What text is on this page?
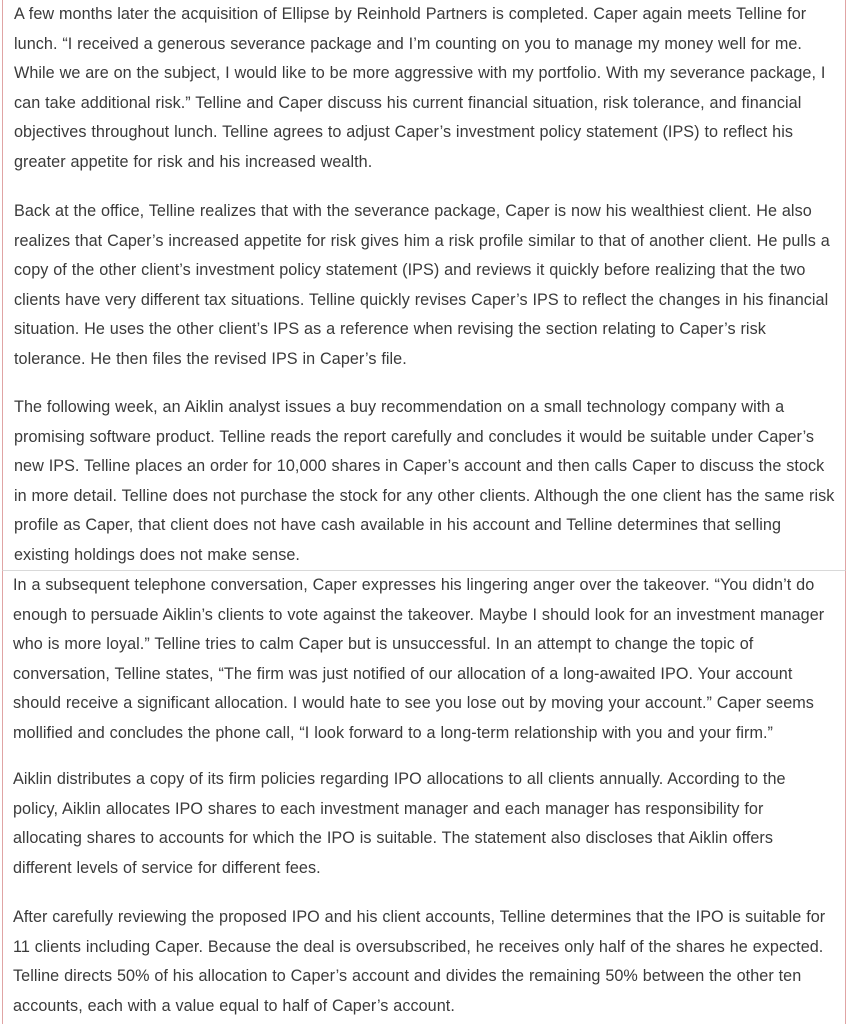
A few months later the acquisition of Ellipse by Reinhold Partners is completed. Caper again meets Telline for lunch. “I received a generous severance package and I’m counting on you to manage my money well for me. While we are on the subject, I would like to be more aggressive with my portfolio. With my severance package, I can take additional risk.” Telline and Caper discuss his current financial situation, risk tolerance, and financial objectives throughout lunch. Telline agrees to adjust Caper’s investment policy statement (IPS) to reflect his greater appetite for risk and his increased wealth.

Back at the office, Telline realizes that with the severance package, Caper is now his wealthiest client. He also realizes that Caper’s increased appetite for risk gives him a risk profile similar to that of another client. He pulls a copy of the other client’s investment policy statement (IPS) and reviews it quickly before realizing that the two clients have very different tax situations. Telline quickly revises Caper’s IPS to reflect the changes in his financial situation. He uses the other client’s IPS as a reference when revising the section relating to Caper’s risk tolerance. He then files the revised IPS in Caper’s file.

The following week, an Aiklin analyst issues a buy recommendation on a small technology company with a promising software product. Telline reads the report carefully and concludes it would be suitable under Caper’s new IPS. Telline places an order for 10,000 shares in Caper’s account and then calls Caper to discuss the stock in more detail. Telline does not purchase the stock for any other clients. Although the one client has the same risk profile as Caper, that client does not have cash available in his account and Telline determines that selling existing holdings does not make sense.

In a subsequent telephone conversation, Caper expresses his lingering anger over the takeover. “You didn’t do enough to persuade Aiklin’s clients to vote against the takeover. Maybe I should look for an investment manager who is more loyal.” Telline tries to calm Caper but is unsuccessful. In an attempt to change the topic of conversation, Telline states, “The firm was just notified of our allocation of a long-awaited IPO. Your account should receive a significant allocation. I would hate to see you lose out by moving your account.” Caper seems mollified and concludes the phone call, “I look forward to a long-term relationship with you and your firm.”

Aiklin distributes a copy of its firm policies regarding IPO allocations to all clients annually. According to the policy, Aiklin allocates IPO shares to each investment manager and each manager has responsibility for allocating shares to accounts for which the IPO is suitable. The statement also discloses that Aiklin offers different levels of service for different fees.

After carefully reviewing the proposed IPO and his client accounts, Telline determines that the IPO is suitable for 11 clients including Caper. Because the deal is oversubscribed, he receives only half of the shares he expected. Telline directs 50% of his allocation to Caper’s account and divides the remaining 50% between the other ten accounts, each with a value equal to half of Caper’s account.
